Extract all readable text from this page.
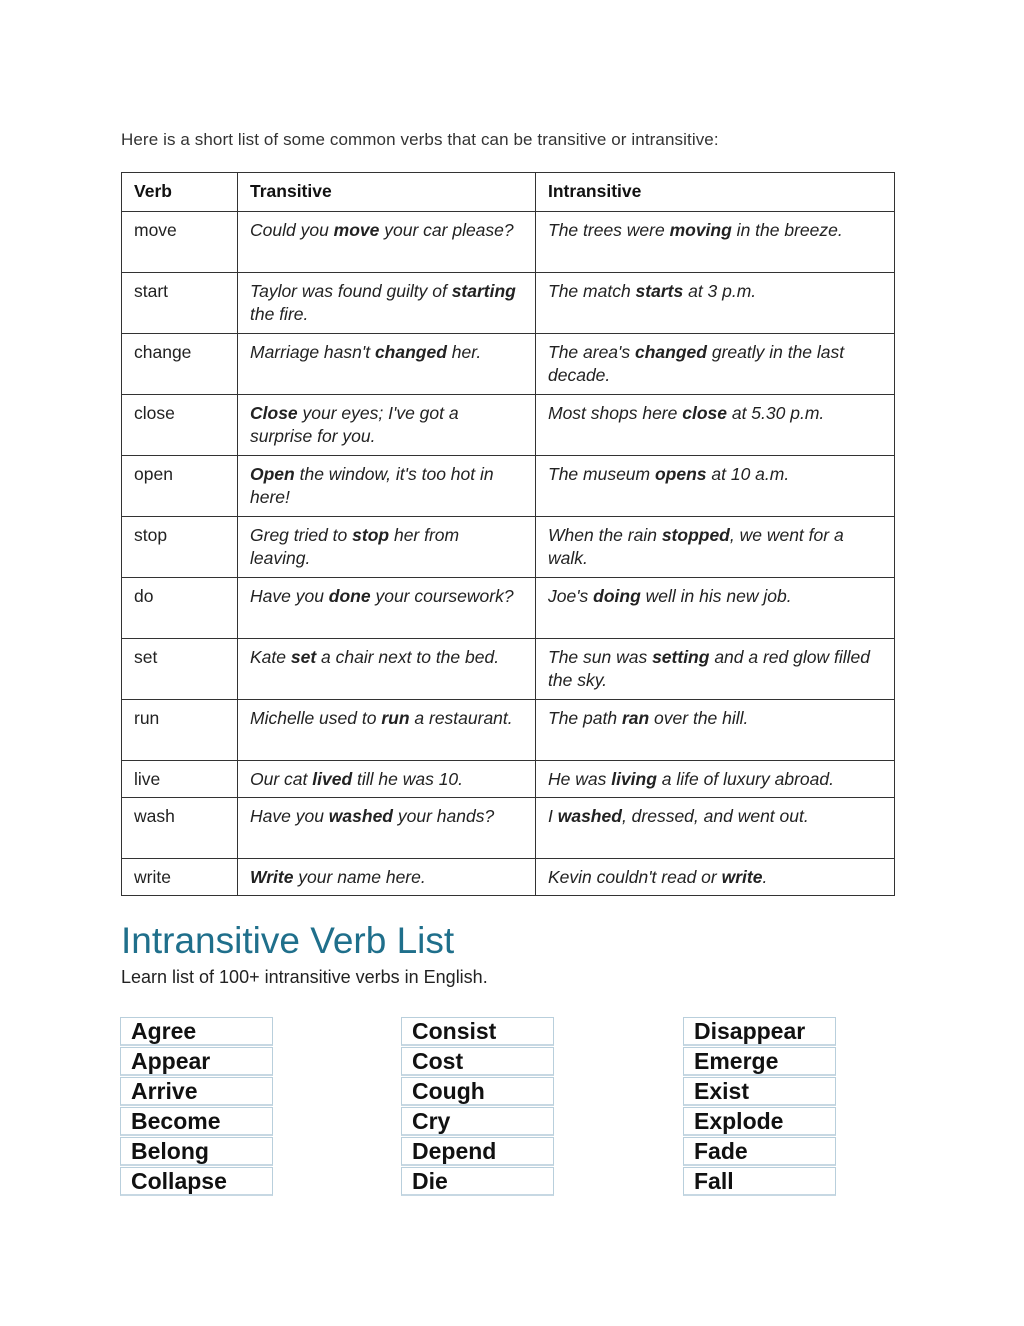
Here is a short list of some common verbs that can be transitive or intransitive:
Verb	Transitive	Intransitive
move	Could you move your car please?	The trees were moving in the breeze.
start	Taylor was found guilty of starting the fire.	The match starts at 3 p.m.
change	Marriage hasn't changed her.	The area's changed greatly in the last decade.
close	Close your eyes; I've got a surprise for you.	Most shops here close at 5.30 p.m.
open	Open the window, it's too hot in here!	The museum opens at 10 a.m.
stop	Greg tried to stop her from leaving.	When the rain stopped, we went for a walk.
do	Have you done your coursework?	Joe's doing well in his new job.
set	Kate set a chair next to the bed.	The sun was setting and a red glow filled the sky.
run	Michelle used to run a restaurant.	The path ran over the hill.
live	Our cat lived till he was 10.	He was living a life of luxury abroad.
wash	Have you washed your hands?	I washed, dressed, and went out.
write	Write your name here.	Kevin couldn't read or write.
Intransitive Verb List
Learn list of 100+ intransitive verbs in English.
Agree
Appear
Arrive
Become
Belong
Collapse
Consist
Cost
Cough
Cry
Depend
Die
Disappear
Emerge
Exist
Explode
Fade
Fall
